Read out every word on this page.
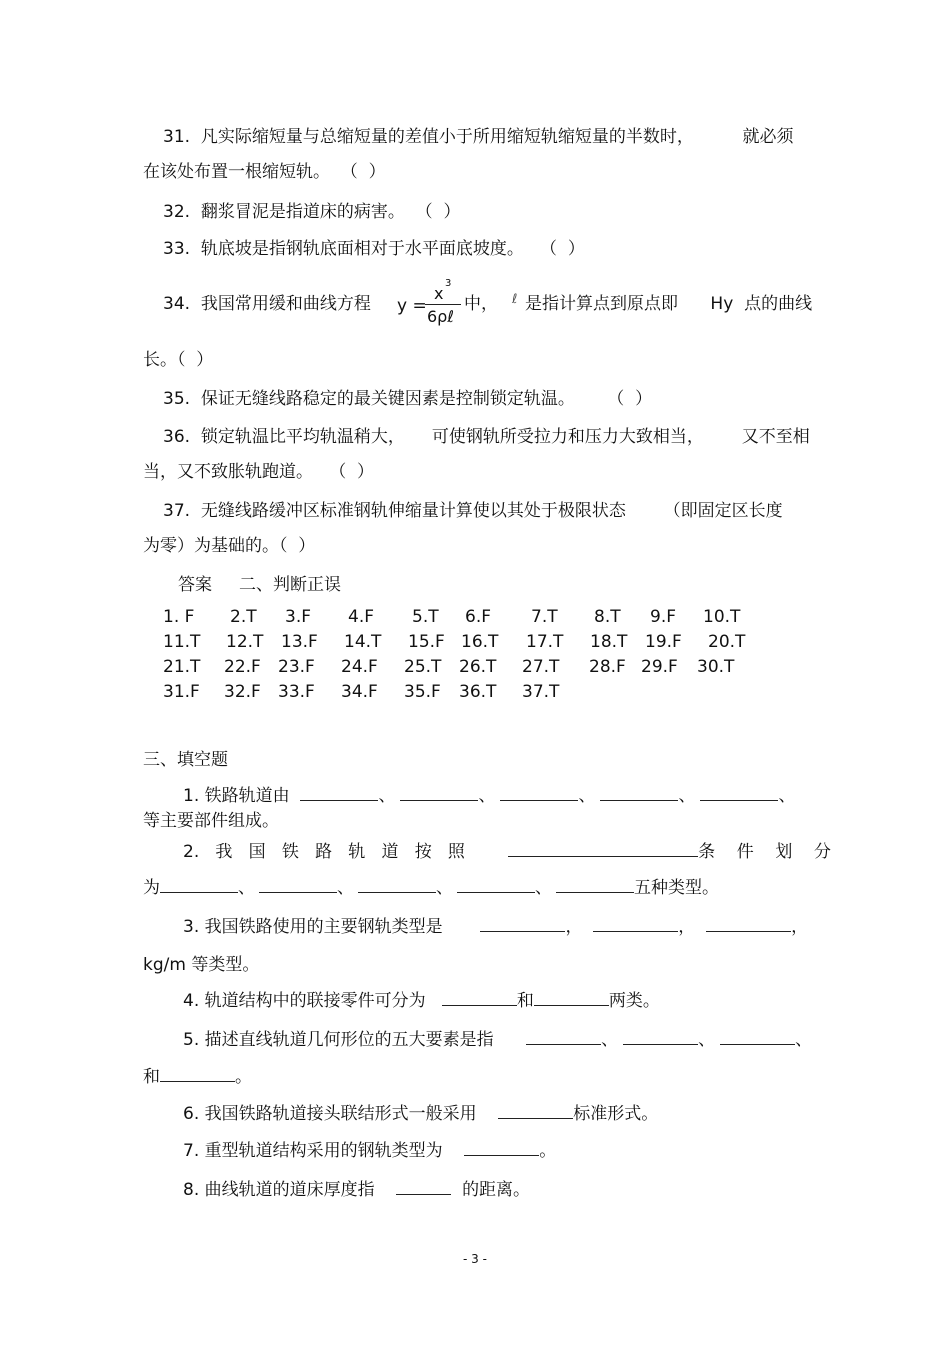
31.  凡实际缩短量与总缩短量的差值小于所用缩短轨缩短量的半数时，         就必须
在该处布置一根缩短轨。  （  ）
32.  翻浆冒泥是指道床的病害。  （  ）
33.  轨底坡是指钢轨底面相对于水平面底坡度。   （  ）
34.  我国常用缓和曲线方程 y =
x
3
6ρℓ
中， ℓ 是指计算点到原点即      Hy  点的曲线
长。（  ）
35.  保证无缝线路稳定的最关键因素是控制锁定轨温。      （  ）
36.  锁定轨温比平均轨温稍大，     可使钢轨所受拉力和压力大致相当，       又不至相
当，又不致胀轨跑道。   （  ）
37.  无缝线路缓冲区标准钢轨伸缩量计算使以其处于极限状态       （即固定区长度
为零）为基础的。（  ）
答案     二、判断正误
1. F 2.T 3.F 4.F 5.T 6.F 7.T 8.T 9.F 10.T
11.T 12.T 13.F 14.T 15.F 16.T 17.T 18.T 19.F 20.T
21.T 22.F 23.F 24.F 25.T 26.T 27.T 28.F 29.F 30.T
31.F 32.F 33.F 34.F 35.F 36.T 37.T
三、填空题
1. 铁路轨道由	、	、	、	、	、
等主要部件组成。
2.   我   国   铁   路   轨   道   按   照	条    件    划    分
为	、	、	、	、	五种类型。
3. 我国铁路使用的主要钢轨类型是	，	，	，
kg/m 等类型。
4. 轨道结构中的联接零件可分为	和	两类。
5. 描述直线轨道几何形位的五大要素是指	、	、	、
和	。
6. 我国铁路轨道接头联结形式一般采用	标准形式。
7. 重型轨道结构采用的钢轨类型为	。
8. 曲线轨道的道床厚度指	的距离。
- 3 -
